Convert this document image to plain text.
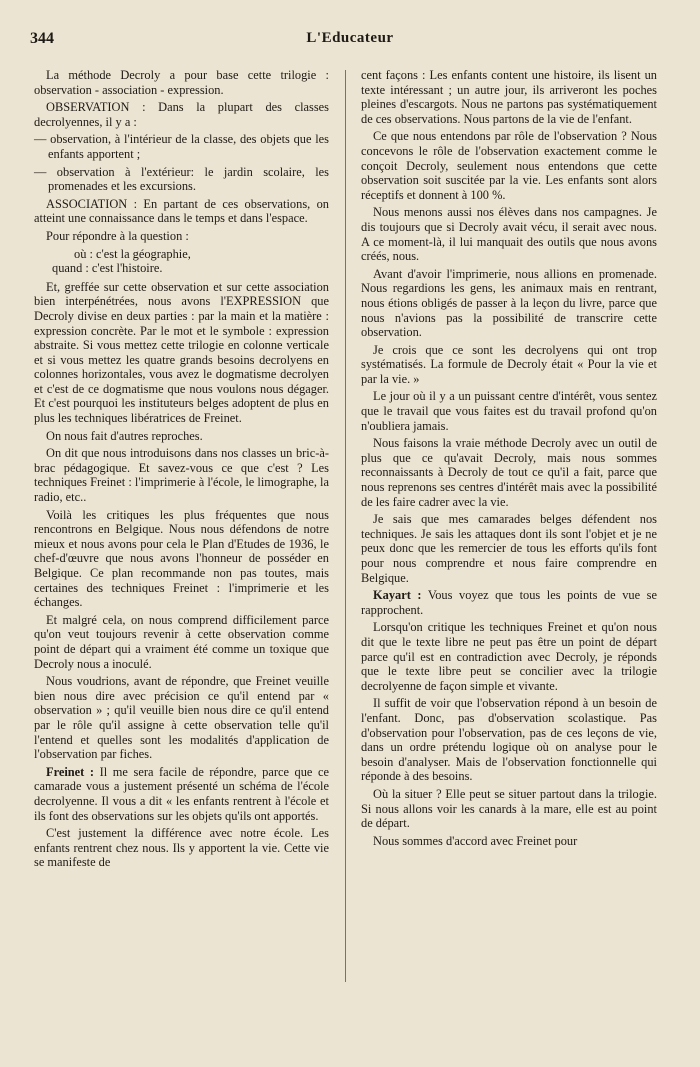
344	L'Educateur

La méthode Decroly a pour base cette trilogie : observation - association - expression.

OBSERVATION : Dans la plupart des classes decrolyennes, il y a :

— observation, à l'intérieur de la classe, des objets que les enfants apportent ;

— observation à l'extérieur: le jardin scolaire, les promenades et les excursions.

ASSOCIATION : En partant de ces observations, on atteint une connaissance dans le temps et dans l'espace.

Pour répondre à la question :

où : c'est la géographie,

quand : c'est l'histoire.

Et, greffée sur cette observation et sur cette association bien interpénétrées, nous avons l'EXPRESSION que Decroly divise en deux parties : par la main et la matière : expression concrète. Par le mot et le symbole : expression abstraite. Si vous mettez cette trilogie en colonne verticale et si vous mettez les quatre grands besoins decrolyens en colonnes horizontales, vous avez le dogmatisme decrolyen et c'est de ce dogmatisme que nous voulons nous dégager. Et c'est pourquoi les instituteurs belges adoptent de plus en plus les techniques libératrices de Freinet.

On nous fait d'autres reproches.

On dit que nous introduisons dans nos classes un bric-à-brac pédagogique. Et savez-vous ce que c'est ? Les techniques Freinet : l'imprimerie à l'école, le limographe, la radio, etc..

Voilà les critiques les plus fréquentes que nous rencontrons en Belgique. Nous nous défendons de notre mieux et nous avons pour cela le Plan d'Etudes de 1936, le chef-d'œuvre que nous avons l'honneur de posséder en Belgique. Ce plan recommande non pas toutes, mais certaines des techniques Freinet : l'imprimerie et les échanges.

Et malgré cela, on nous comprend difficilement parce qu'on veut toujours revenir à cette observation comme point de départ qui a vraiment été comme un toxique que Decroly nous a inoculé.

Nous voudrions, avant de répondre, que Freinet veuille bien nous dire avec précision ce qu'il entend par « observation » ; qu'il veuille bien nous dire ce qu'il entend par le rôle qu'il assigne à cette observation telle qu'il l'entend et quelles sont les modalités d'application de l'observation par fiches.

Freinet : Il me sera facile de répondre, parce que ce camarade vous a justement présenté un schéma de l'école decrolyenne. Il vous a dit « les enfants rentrent à l'école et ils font des observations sur les objets qu'ils ont apportés.

C'est justement la différence avec notre école. Les enfants rentrent chez nous. Ils y apportent la vie. Cette vie se manifeste de

cent façons : Les enfants content une histoire, ils lisent un texte intéressant ; un autre jour, ils arriveront les poches pleines d'escargots. Nous ne partons pas systématiquement de ces observations. Nous partons de la vie de l'enfant.

Ce que nous entendons par rôle de l'observation ? Nous concevons le rôle de l'observation exactement comme le conçoit Decroly, seulement nous entendons que cette observation soit suscitée par la vie. Les enfants sont alors réceptifs et donnent à 100 %.

Nous menons aussi nos élèves dans nos campagnes. Je dis toujours que si Decroly avait vécu, il serait avec nous. A ce moment-là, il lui manquait des outils que nous avons créés, nous.

Avant d'avoir l'imprimerie, nous allions en promenade. Nous regardions les gens, les animaux mais en rentrant, nous étions obligés de passer à la leçon du livre, parce que nous n'avions pas la possibilité de transcrire cette observation.

Je crois que ce sont les decrolyens qui ont trop systématisés. La formule de Decroly était « Pour la vie et par la vie. »

Le jour où il y a un puissant centre d'intérêt, vous sentez que le travail que vous faites est du travail profond qu'on n'oubliera jamais.

Nous faisons la vraie méthode Decroly avec un outil de plus que ce qu'avait Decroly, mais nous sommes reconnaissants à Decroly de tout ce qu'il a fait, parce que nous reprenons ses centres d'intérêt mais avec la possibilité de les faire cadrer avec la vie.

Je sais que mes camarades belges défendent nos techniques. Je sais les attaques dont ils sont l'objet et je ne peux donc que les remercier de tous les efforts qu'ils font pour nous comprendre et nous faire comprendre en Belgique.

Kayart : Vous voyez que tous les points de vue se rapprochent.

Lorsqu'on critique les techniques Freinet et qu'on nous dit que le texte libre ne peut pas être un point de départ parce qu'il est en contradiction avec Decroly, je réponds que le texte libre peut se concilier avec la trilogie decrolyenne de façon simple et vivante.

Il suffit de voir que l'observation répond à un besoin de l'enfant. Donc, pas d'observation scolastique. Pas d'observation pour l'observation, pas de ces leçons de vie, dans un ordre prétendu logique où on analyse pour le besoin d'analyser. Mais de l'observation fonctionnelle qui réponde à des besoins.

Où la situer ? Elle peut se situer partout dans la trilogie. Si nous allons voir les canards à la mare, elle est au point de départ.

Nous sommes d'accord avec Freinet pour
